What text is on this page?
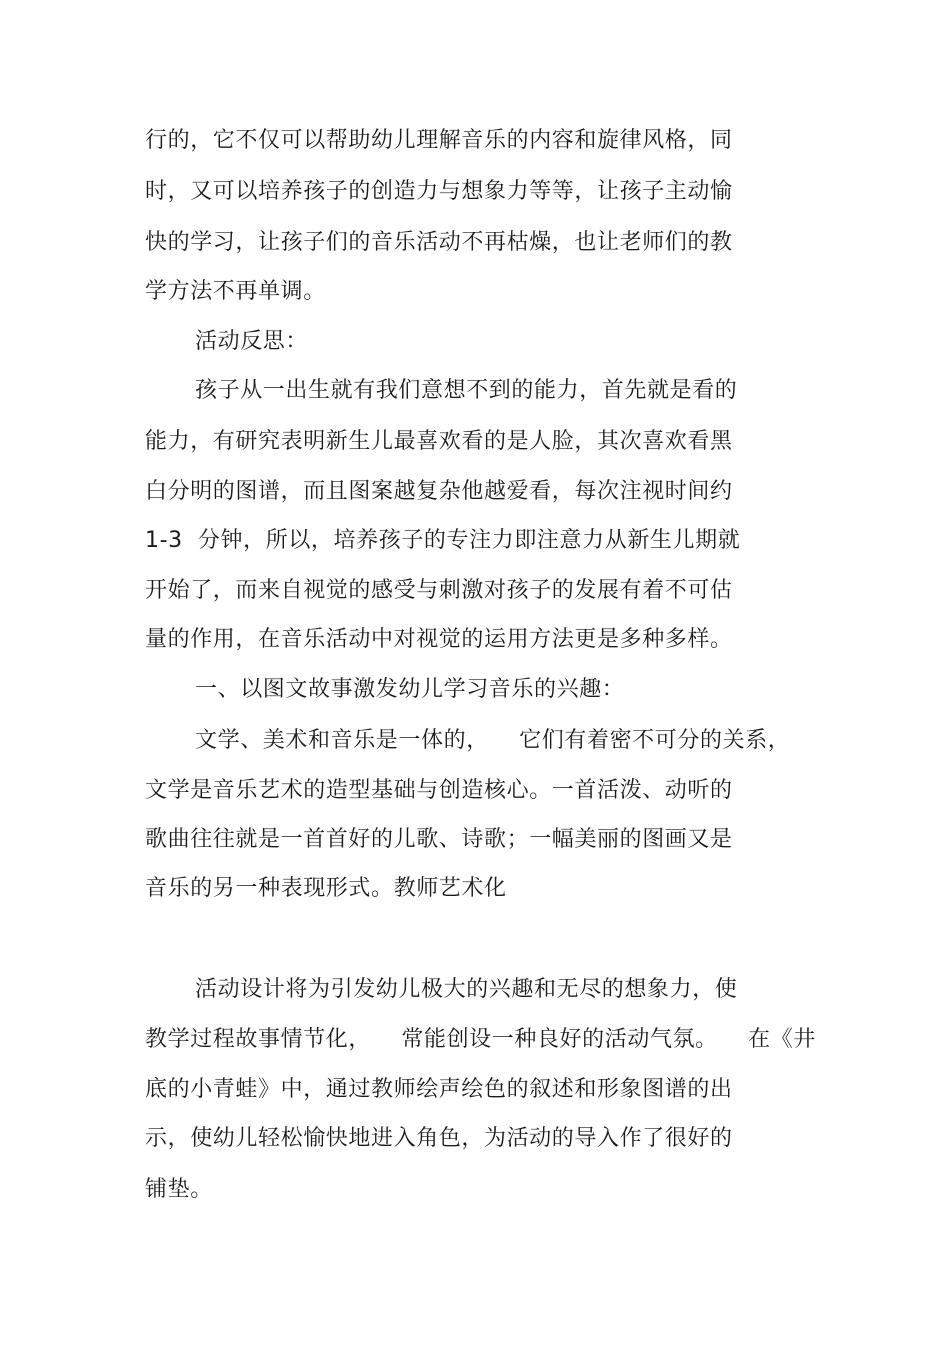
行的，它不仅可以帮助幼儿理解音乐的内容和旋律风格，同

时，又可以培养孩子的创造力与想象力等等，让孩子主动愉

快的学习，让孩子们的音乐活动不再枯燥，也让老师们的教

学方法不再单调。

活动反思：

孩子从一出生就有我们意想不到的能力，首先就是看的

能力，有研究表明新生儿最喜欢看的是人脸，其次喜欢看黑

白分明的图谱，而且图案越复杂他越爱看，每次注视时间约

1-3  分钟，所以，培养孩子的专注力即注意力从新生儿期就

开始了，而来自视觉的感受与刺激对孩子的发展有着不可估

量的作用，在音乐活动中对视觉的运用方法更是多种多样。

一、以图文故事激发幼儿学习音乐的兴趣：

文学、美术和音乐是一体的，    它们有着密不可分的关系，

文学是音乐艺术的造型基础与创造核心。一首活泼、动听的

歌曲往往就是一首首好的儿歌、诗歌；一幅美丽的图画又是

音乐的另一种表现形式。教师艺术化

活动设计将为引发幼儿极大的兴趣和无尽的想象力，使

教学过程故事情节化，    常能创设一种良好的活动气氛。    在《井

底的小青蛙》中，通过教师绘声绘色的叙述和形象图谱的出

示，使幼儿轻松愉快地进入角色，为活动的导入作了很好的

铺垫。
